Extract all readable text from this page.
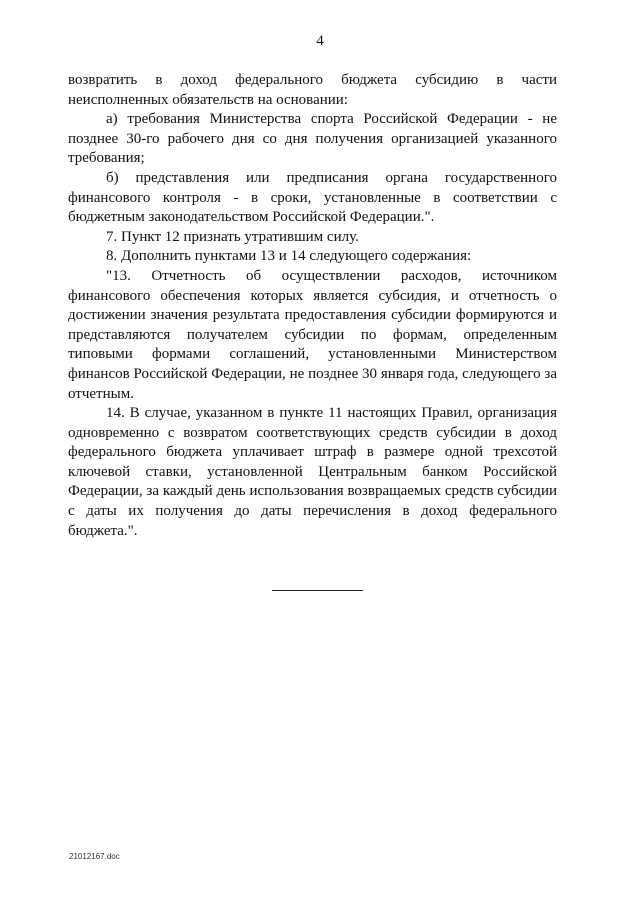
4

возвратить в доход федерального бюджета субсидию в части неисполненных обязательств на основании:

а) требования Министерства спорта Российской Федерации - не позднее 30-го рабочего дня со дня получения организацией указанного требования;

б) представления или предписания органа государственного финансового контроля - в сроки, установленные в соответствии с бюджетным законодательством Российской Федерации.".

7. Пункт 12 признать утратившим силу.

8. Дополнить пунктами 13 и 14 следующего содержания:

"13. Отчетность об осуществлении расходов, источником финансового обеспечения которых является субсидия, и отчетность о достижении значения результата предоставления субсидии формируются и представляются получателем субсидии по формам, определенным типовыми формами соглашений, установленными Министерством финансов Российской Федерации, не позднее 30 января года, следующего за отчетным.

14. В случае, указанном в пункте 11 настоящих Правил, организация одновременно с возвратом соответствующих средств субсидии в доход федерального бюджета уплачивает штраф в размере одной трехсотой ключевой ставки, установленной Центральным банком Российской Федерации, за каждый день использования возвращаемых средств субсидии с даты их получения до даты перечисления в доход федерального бюджета.".

21012167.doc
